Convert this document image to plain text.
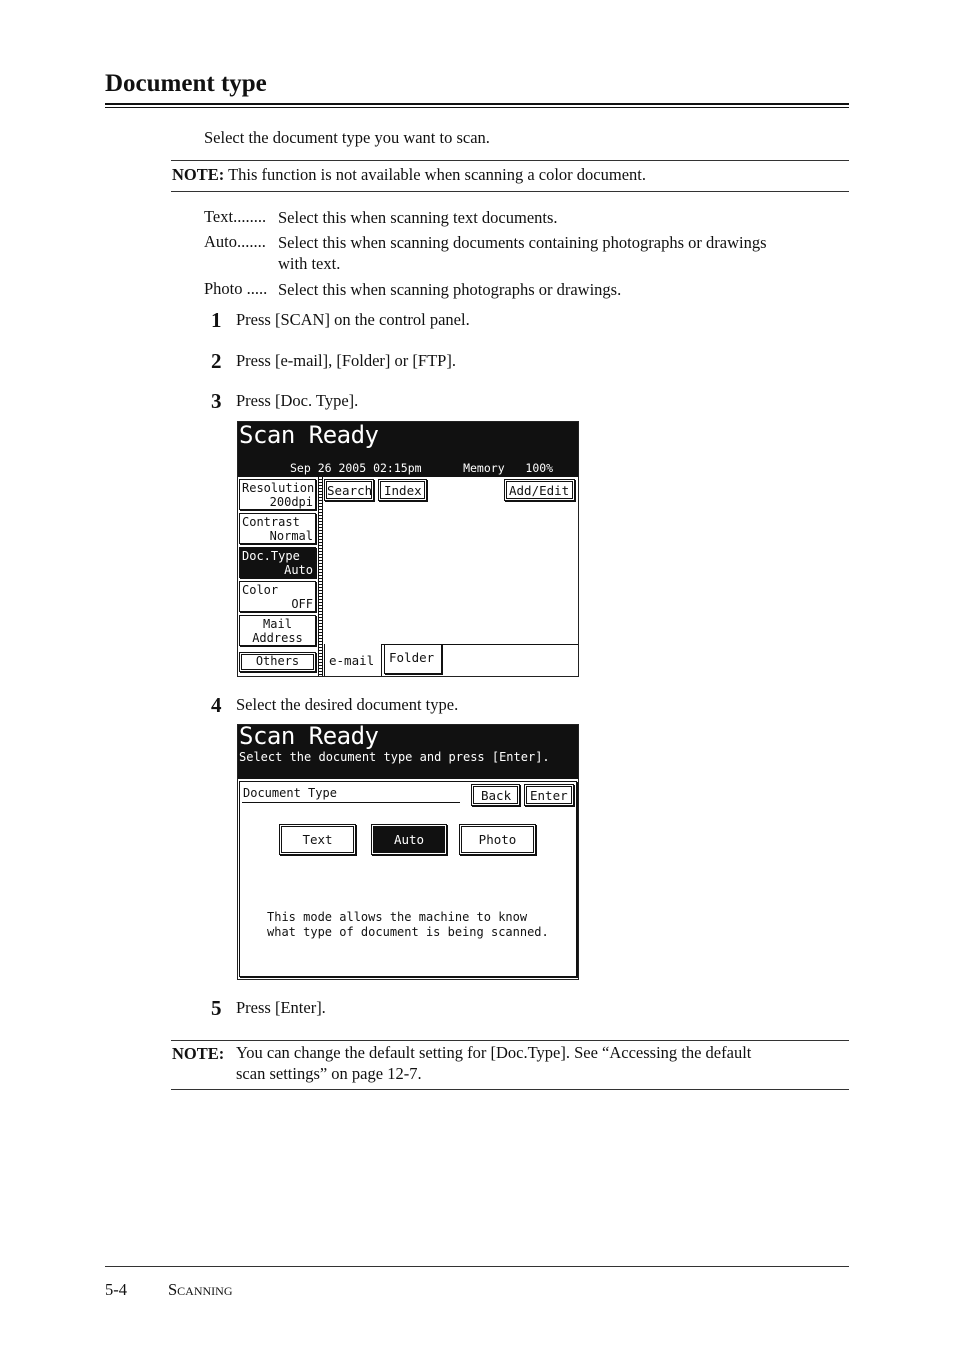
Document type
Select the document type you want to scan.
NOTE: This function is not available when scanning a color document.
Text........ Select this when scanning text documents.
Auto....... Select this when scanning documents containing photographs or drawings
with text.
Photo ..... Select this when scanning photographs or drawings.
1 Press [SCAN] on the control panel.
2 Press [e-mail], [Folder] or [FTP].
3 Press [Doc. Type].
Scan Ready
Sep 26 2005 02:15pm      Memory   100%
Resolution
200dpi
Contrast
Normal
Doc.Type
Auto
Color
OFF
Mail
Address
Others
Search Index	Add/Edit
e-mail	Folder
4 Select the desired document type.
Scan Ready
Select the document type and press [Enter].
Document Type	Back	Enter
Text	Auto	Photo
This mode allows the machine to know
what type of document is being scanned.
5 Press [Enter].
NOTE: You can change the default setting for [Doc.Type]. See “Accessing the default
scan settings” on page 12-7.
5-4 Scanning
